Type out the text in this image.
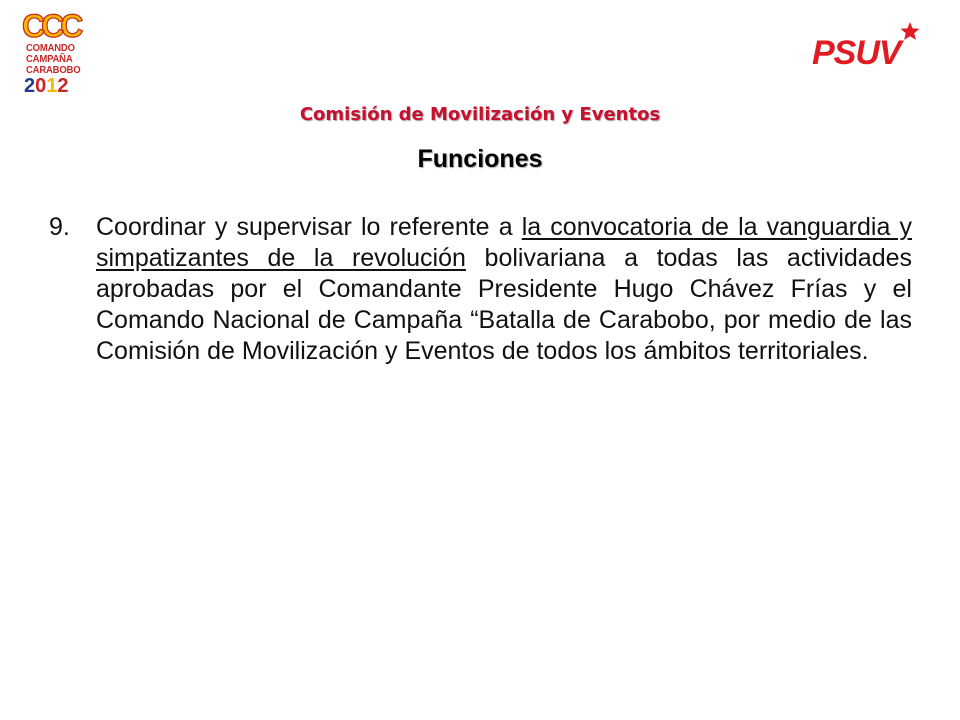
CCC
COMANDO
CAMPAÑA
CARABOBO
2012
PSUV
Comisión de Movilización y Eventos
Funciones
9. Coordinar y supervisar lo referente a la convocatoria de la vanguardia y simpatizantes de la revolución bolivariana a todas las actividades aprobadas por el Comandante Presidente Hugo Chávez Frías y el Comando Nacional de Campaña “Batalla de Carabobo, por medio de las Comisión de Movilización y Eventos de todos los ámbitos territoriales.
